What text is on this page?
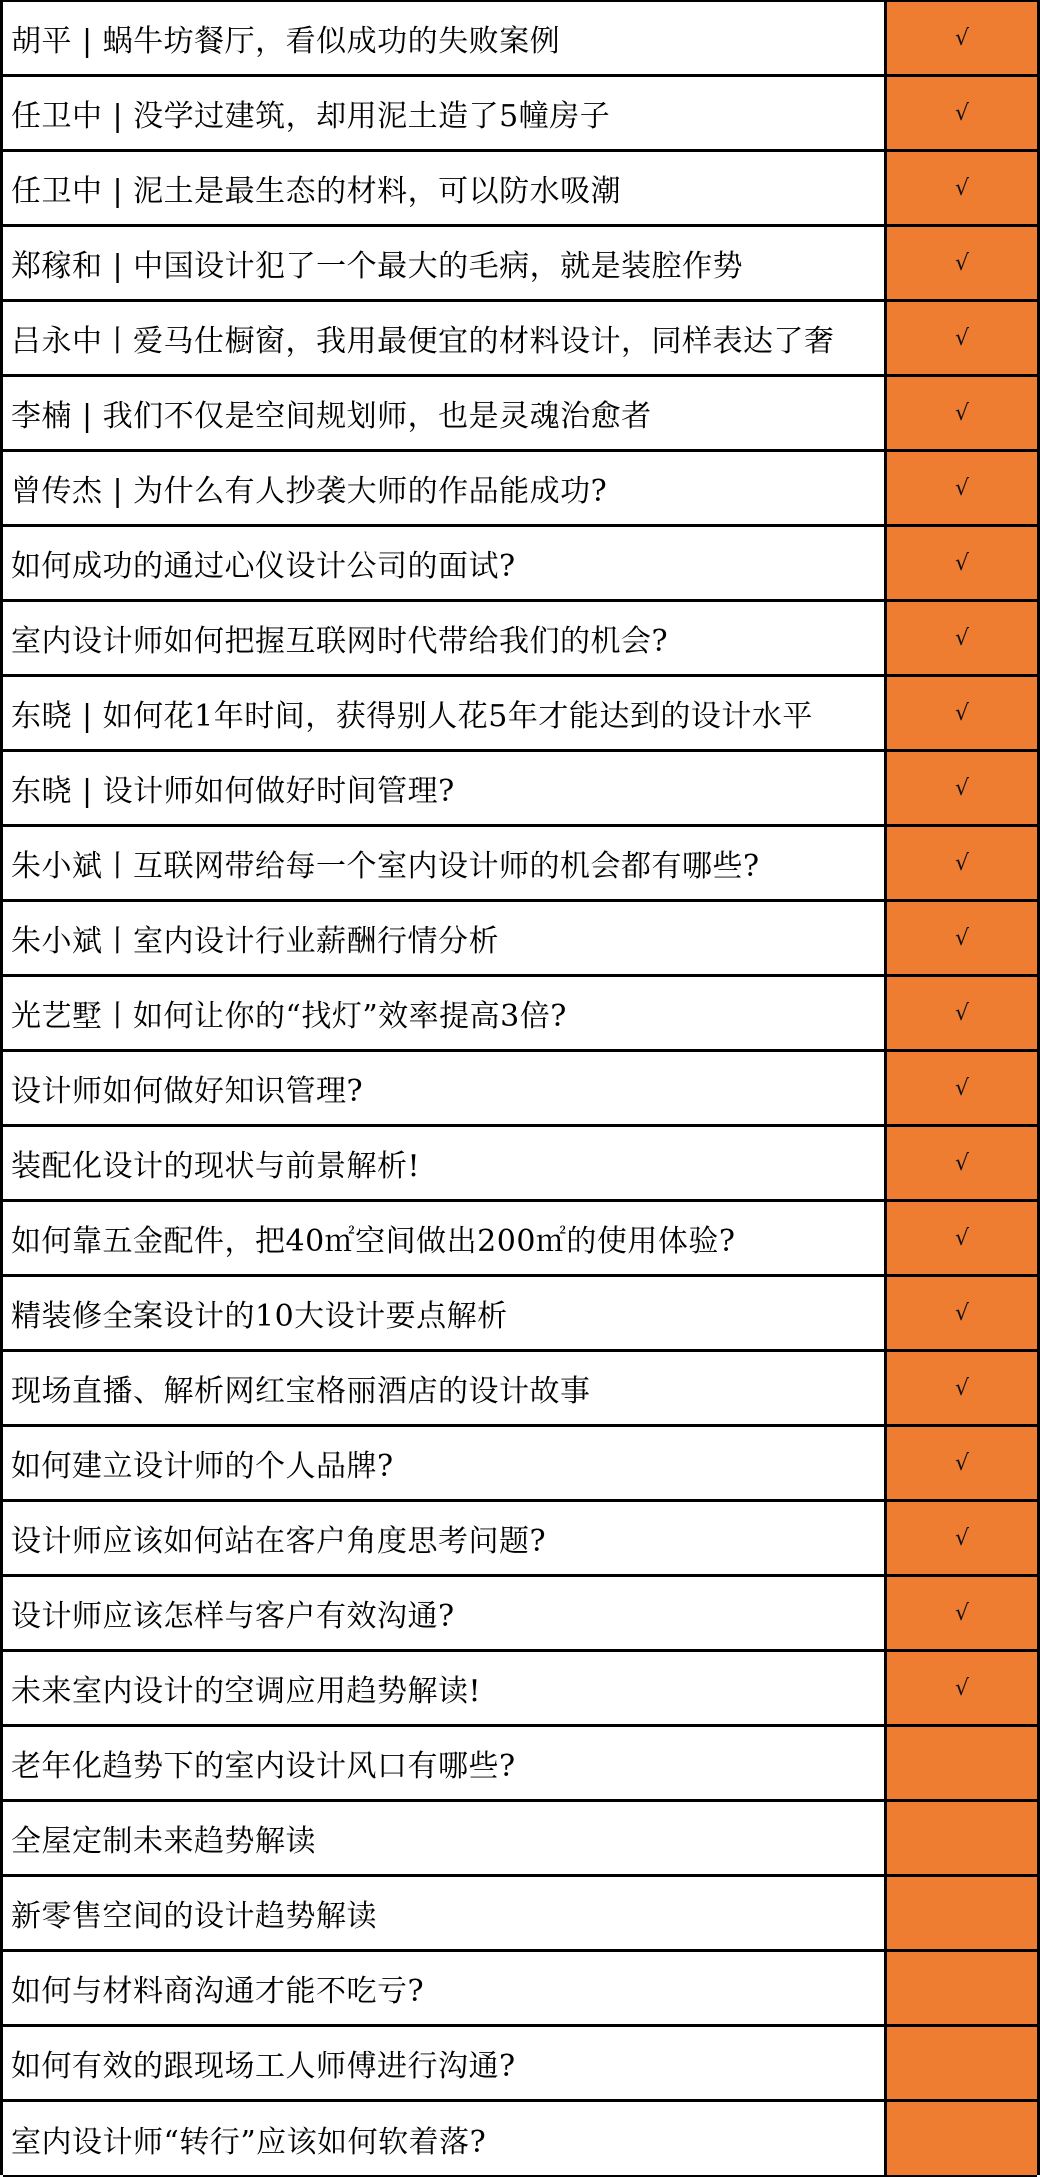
胡平 | 蜗牛坊餐厅，看似成功的失败案例	√
任卫中 | 没学过建筑，却用泥土造了5幢房子	√
任卫中 | 泥土是最生态的材料，可以防水吸潮	√
郑稼和 | 中国设计犯了一个最大的毛病，就是装腔作势	√
吕永中丨爱马仕橱窗，我用最便宜的材料设计，同样表达了奢	√
李楠 | 我们不仅是空间规划师，也是灵魂治愈者	√
曾传杰 | 为什么有人抄袭大师的作品能成功?	√
如何成功的通过心仪设计公司的面试?	√
室内设计师如何把握互联网时代带给我们的机会?	√
东晓 | 如何花1年时间，获得别人花5年才能达到的设计水平	√
东晓 | 设计师如何做好时间管理?	√
朱小斌丨互联网带给每一个室内设计师的机会都有哪些?	√
朱小斌丨室内设计行业薪酬行情分析	√
光艺墅丨如何让你的“找灯”效率提高3倍?	√
设计师如何做好知识管理?	√
装配化设计的现状与前景解析!	√
如何靠五金配件，把40㎡空间做出200㎡的使用体验?	√
精装修全案设计的10大设计要点解析	√
现场直播、解析网红宝格丽酒店的设计故事	√
如何建立设计师的个人品牌?	√
设计师应该如何站在客户角度思考问题?	√
设计师应该怎样与客户有效沟通?	√
未来室内设计的空调应用趋势解读!	√
老年化趋势下的室内设计风口有哪些?
全屋定制未来趋势解读
新零售空间的设计趋势解读
如何与材料商沟通才能不吃亏?
如何有效的跟现场工人师傅进行沟通?
室内设计师“转行”应该如何软着落?
